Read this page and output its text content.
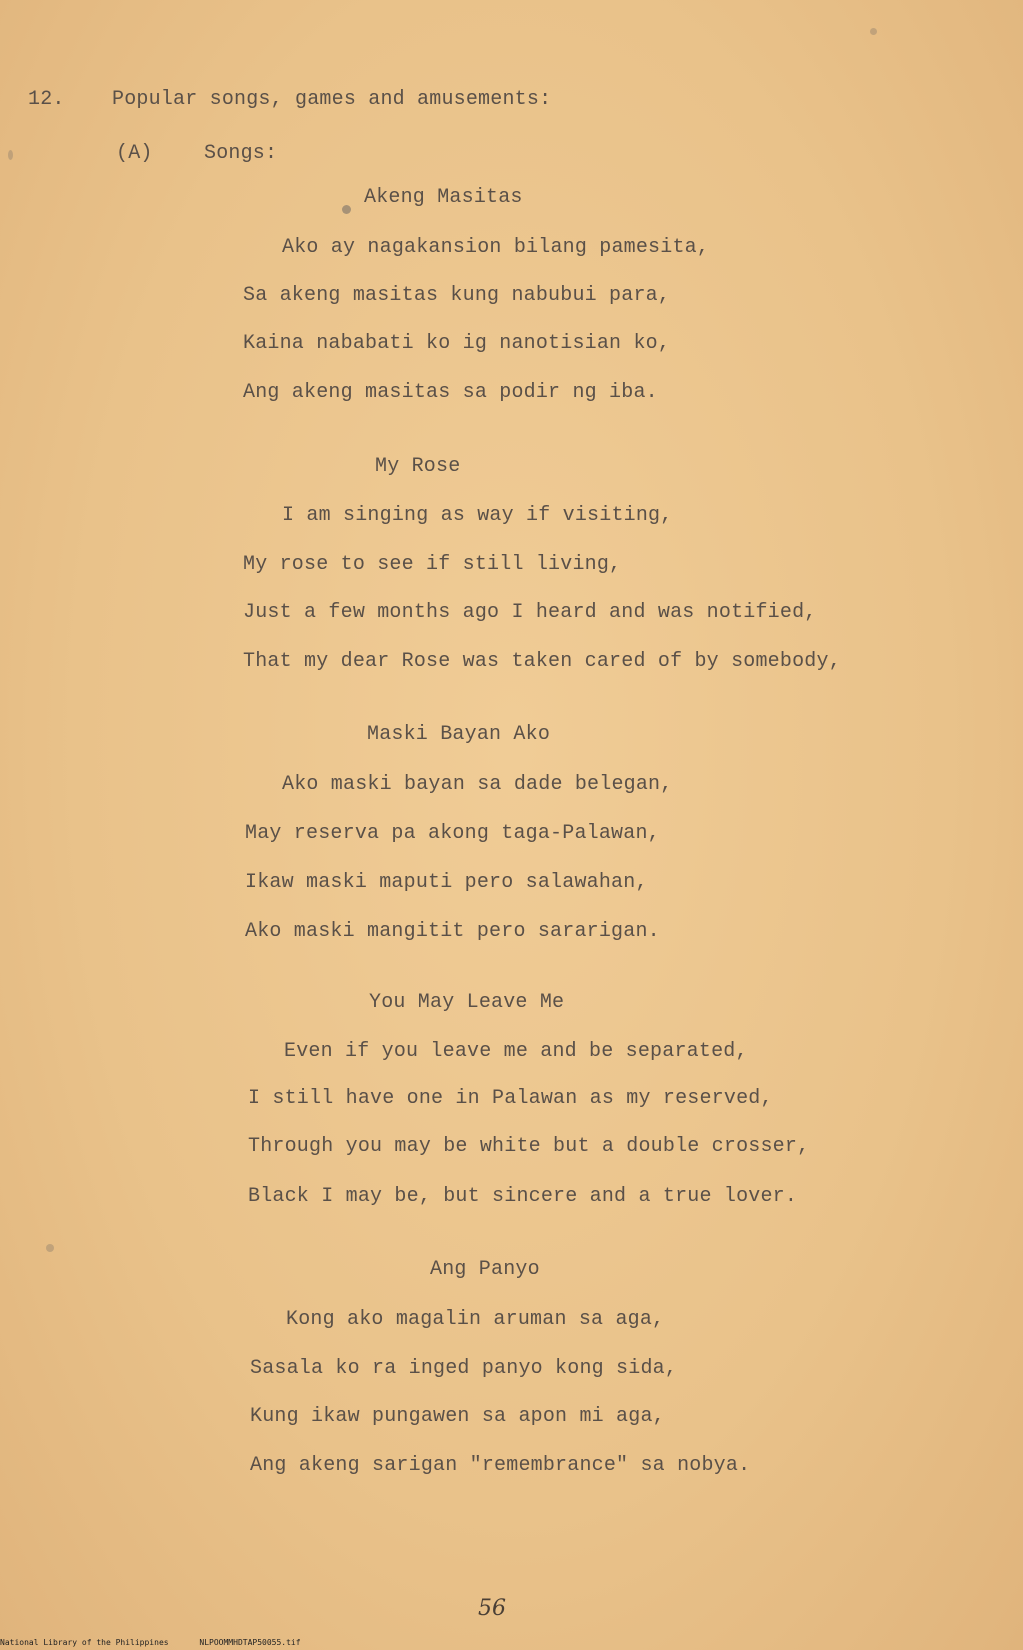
12. Popular songs, games and amusements:
(A)	Songs:
Akeng Masitas
Ako ay nagakansion bilang pamesita,
Sa akeng masitas kung nabubui para,
Kaina nababati ko ig nanotisian ko,
Ang akeng masitas sa podir ng iba.
My Rose
I am singing as way if visiting,
My rose to see if still living,
Just a few months ago I heard and was notified,
That my dear Rose was taken cared of by somebody,
Maski Bayan Ako
Ako maski bayan sa dade belegan,
May reserva pa akong taga-Palawan,
Ikaw maski maputi pero salawahan,
Ako maski mangitit pero sararigan.
You May Leave Me
Even if you leave me and be separated,
I still have one in Palawan as my reserved,
Through you may be white but a double crosser,
Black I may be, but sincere and a true lover.
Ang Panyo
Kong ako magalin aruman sa aga,
Sasala ko ra inged panyo kong sida,
Kung ikaw pungawen sa apon mi aga,
Ang akeng sarigan "remembrance" sa nobya.
56
National Library of the Philippines	NLPOOMMHDTAP50055.tif
